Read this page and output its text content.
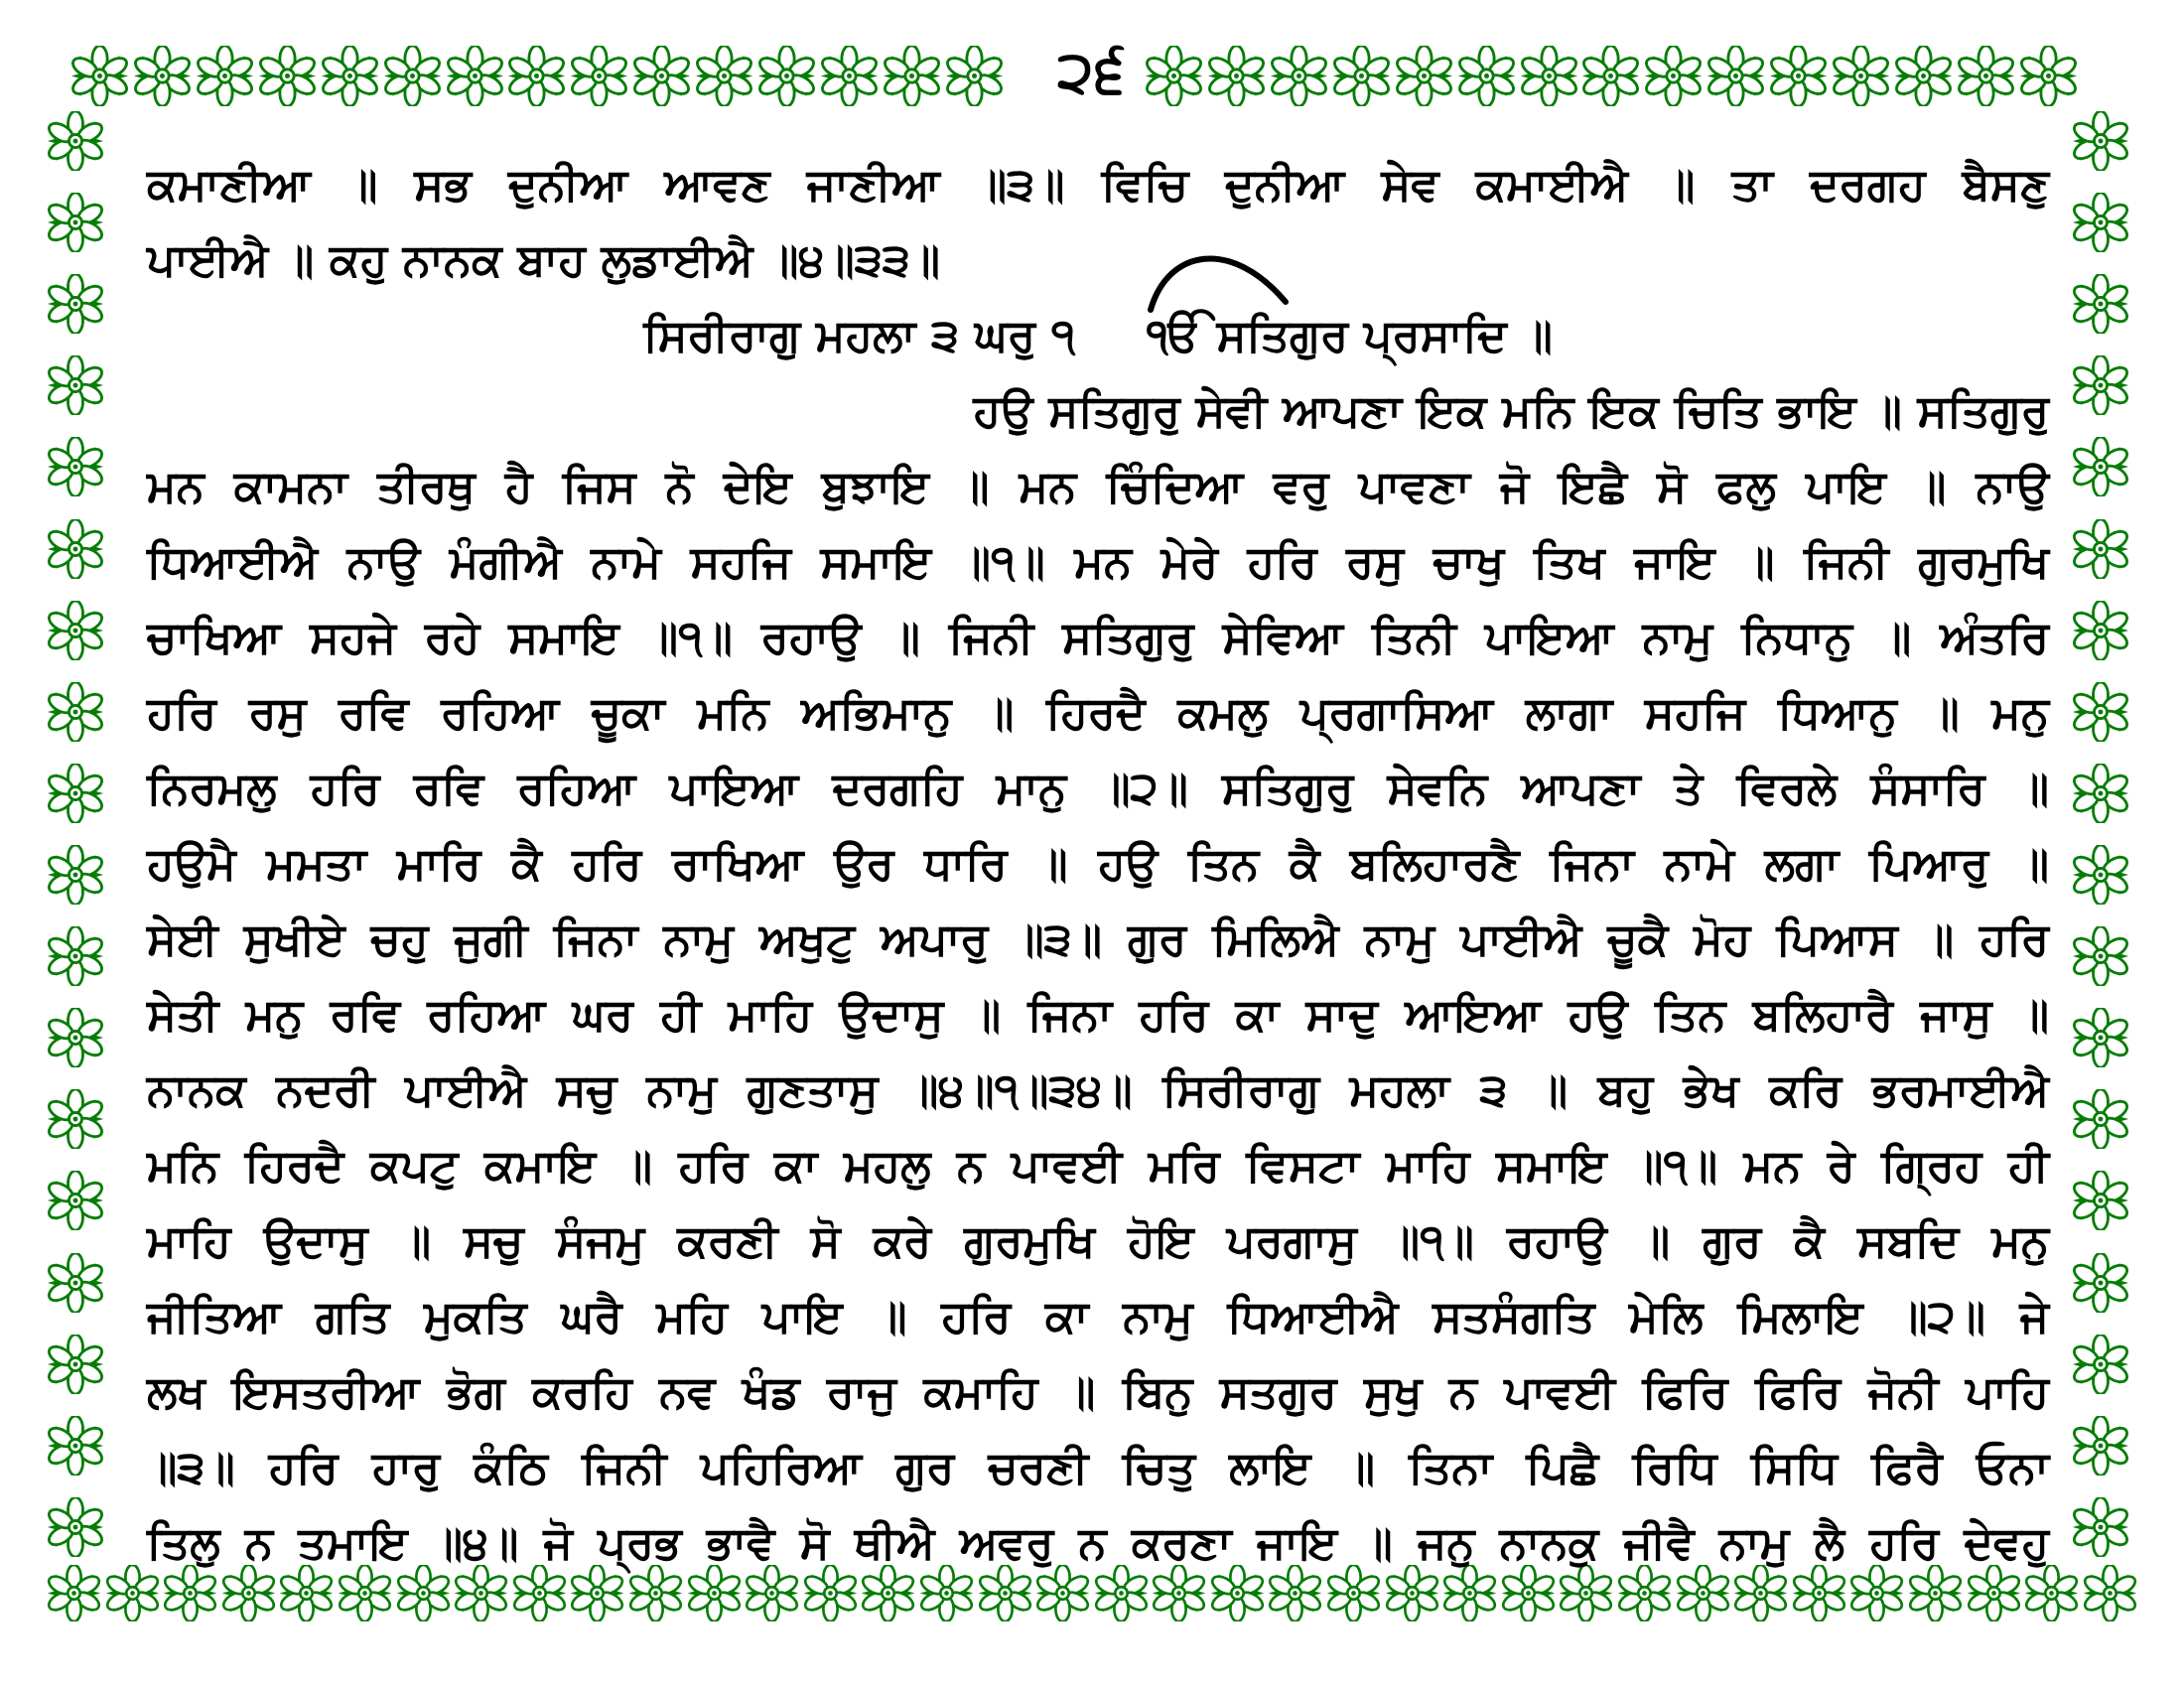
੨੬
ਕਮਾਣੀਆ ॥ ਸਭ ਦੁਨੀਆ ਆਵਣ ਜਾਣੀਆ ॥੩॥ ਵਿਚਿ ਦੁਨੀਆ ਸੇਵ ਕਮਾਈਐ ॥ ਤਾ ਦਰਗਹ ਬੈਸਣੁ
ਪਾਈਐ ॥ ਕਹੁ ਨਾਨਕ ਬਾਹ ਲੁਡਾਈਐ ॥੪॥੩੩॥
ਸਿਰੀਰਾਗੁ ਮਹਲਾ ੩ ਘਰੁ ੧ ੴ ਸਤਿਗੁਰ ਪ੍ਰਸਾਦਿ ॥
ਹਉ ਸਤਿਗੁਰੁ ਸੇਵੀ ਆਪਣਾ ਇਕ ਮਨਿ ਇਕ ਚਿਤਿ ਭਾਇ ॥ ਸਤਿਗੁਰੁ
ਮਨ ਕਾਮਨਾ ਤੀਰਥੁ ਹੈ ਜਿਸ ਨੋ ਦੇਇ ਬੁਝਾਇ ॥ ਮਨ ਚਿੰਦਿਆ ਵਰੁ ਪਾਵਣਾ ਜੋ ਇਛੈ ਸੋ ਫਲੁ ਪਾਇ ॥ ਨਾਉ
ਧਿਆਈਐ ਨਾਉ ਮੰਗੀਐ ਨਾਮੇ ਸਹਜਿ ਸਮਾਇ ॥੧॥ ਮਨ ਮੇਰੇ ਹਰਿ ਰਸੁ ਚਾਖੁ ਤਿਖ ਜਾਇ ॥ ਜਿਨੀ ਗੁਰਮੁਖਿ
ਚਾਖਿਆ ਸਹਜੇ ਰਹੇ ਸਮਾਇ ॥੧॥ ਰਹਾਉ ॥ ਜਿਨੀ ਸਤਿਗੁਰੁ ਸੇਵਿਆ ਤਿਨੀ ਪਾਇਆ ਨਾਮੁ ਨਿਧਾਨੁ ॥ ਅੰਤਰਿ
ਹਰਿ ਰਸੁ ਰਵਿ ਰਹਿਆ ਚੂਕਾ ਮਨਿ ਅਭਿਮਾਨੁ ॥ ਹਿਰਦੈ ਕਮਲੁ ਪ੍ਰਗਾਸਿਆ ਲਾਗਾ ਸਹਜਿ ਧਿਆਨੁ ॥ ਮਨੁ
ਨਿਰਮਲੁ ਹਰਿ ਰਵਿ ਰਹਿਆ ਪਾਇਆ ਦਰਗਹਿ ਮਾਨੁ ॥੨॥ ਸਤਿਗੁਰੁ ਸੇਵਨਿ ਆਪਣਾ ਤੇ ਵਿਰਲੇ ਸੰਸਾਰਿ ॥
ਹਉਮੈ ਮਮਤਾ ਮਾਰਿ ਕੈ ਹਰਿ ਰਾਖਿਆ ਉਰ ਧਾਰਿ ॥ ਹਉ ਤਿਨ ਕੈ ਬਲਿਹਾਰਣੈ ਜਿਨਾ ਨਾਮੇ ਲਗਾ ਪਿਆਰੁ ॥
ਸੇਈ ਸੁਖੀਏ ਚਹੁ ਜੁਗੀ ਜਿਨਾ ਨਾਮੁ ਅਖੁਟੁ ਅਪਾਰੁ ॥੩॥ ਗੁਰ ਮਿਲਿਐ ਨਾਮੁ ਪਾਈਐ ਚੂਕੈ ਮੋਹ ਪਿਆਸ ॥ ਹਰਿ
ਸੇਤੀ ਮਨੁ ਰਵਿ ਰਹਿਆ ਘਰ ਹੀ ਮਾਹਿ ਉਦਾਸੁ ॥ ਜਿਨਾ ਹਰਿ ਕਾ ਸਾਦੁ ਆਇਆ ਹਉ ਤਿਨ ਬਲਿਹਾਰੈ ਜਾਸੁ ॥
ਨਾਨਕ ਨਦਰੀ ਪਾਈਐ ਸਚੁ ਨਾਮੁ ਗੁਣਤਾਸੁ ॥੪॥੧॥੩੪॥ ਸਿਰੀਰਾਗੁ ਮਹਲਾ ੩ ॥ ਬਹੁ ਭੇਖ ਕਰਿ ਭਰਮਾਈਐ
ਮਨਿ ਹਿਰਦੈ ਕਪਟੁ ਕਮਾਇ ॥ ਹਰਿ ਕਾ ਮਹਲੁ ਨ ਪਾਵਈ ਮਰਿ ਵਿਸਟਾ ਮਾਹਿ ਸਮਾਇ ॥੧॥ ਮਨ ਰੇ ਗ੍ਰਿਹ ਹੀ
ਮਾਹਿ ਉਦਾਸੁ ॥ ਸਚੁ ਸੰਜਮੁ ਕਰਣੀ ਸੋ ਕਰੇ ਗੁਰਮੁਖਿ ਹੋਇ ਪਰਗਾਸੁ ॥੧॥ ਰਹਾਉ ॥ ਗੁਰ ਕੈ ਸਬਦਿ ਮਨੁ
ਜੀਤਿਆ ਗਤਿ ਮੁਕਤਿ ਘਰੈ ਮਹਿ ਪਾਇ ॥ ਹਰਿ ਕਾ ਨਾਮੁ ਧਿਆਈਐ ਸਤਸੰਗਤਿ ਮੇਲਿ ਮਿਲਾਇ ॥੨॥ ਜੇ
ਲਖ ਇਸਤਰੀਆ ਭੋਗ ਕਰਹਿ ਨਵ ਖੰਡ ਰਾਜੁ ਕਮਾਹਿ ॥ ਬਿਨੁ ਸਤਗੁਰ ਸੁਖੁ ਨ ਪਾਵਈ ਫਿਰਿ ਫਿਰਿ ਜੋਨੀ ਪਾਹਿ
॥੩॥ ਹਰਿ ਹਾਰੁ ਕੰਠਿ ਜਿਨੀ ਪਹਿਰਿਆ ਗੁਰ ਚਰਣੀ ਚਿਤੁ ਲਾਇ ॥ ਤਿਨਾ ਪਿਛੈ ਰਿਧਿ ਸਿਧਿ ਫਿਰੈ ਓਨਾ
ਤਿਲੁ ਨ ਤਮਾਇ ॥੪॥ ਜੋ ਪ੍ਰਭ ਭਾਵੈ ਸੋ ਥੀਐ ਅਵਰੁ ਨ ਕਰਣਾ ਜਾਇ ॥ ਜਨੁ ਨਾਨਕੁ ਜੀਵੈ ਨਾਮੁ ਲੈ ਹਰਿ ਦੇਵਹੁ
